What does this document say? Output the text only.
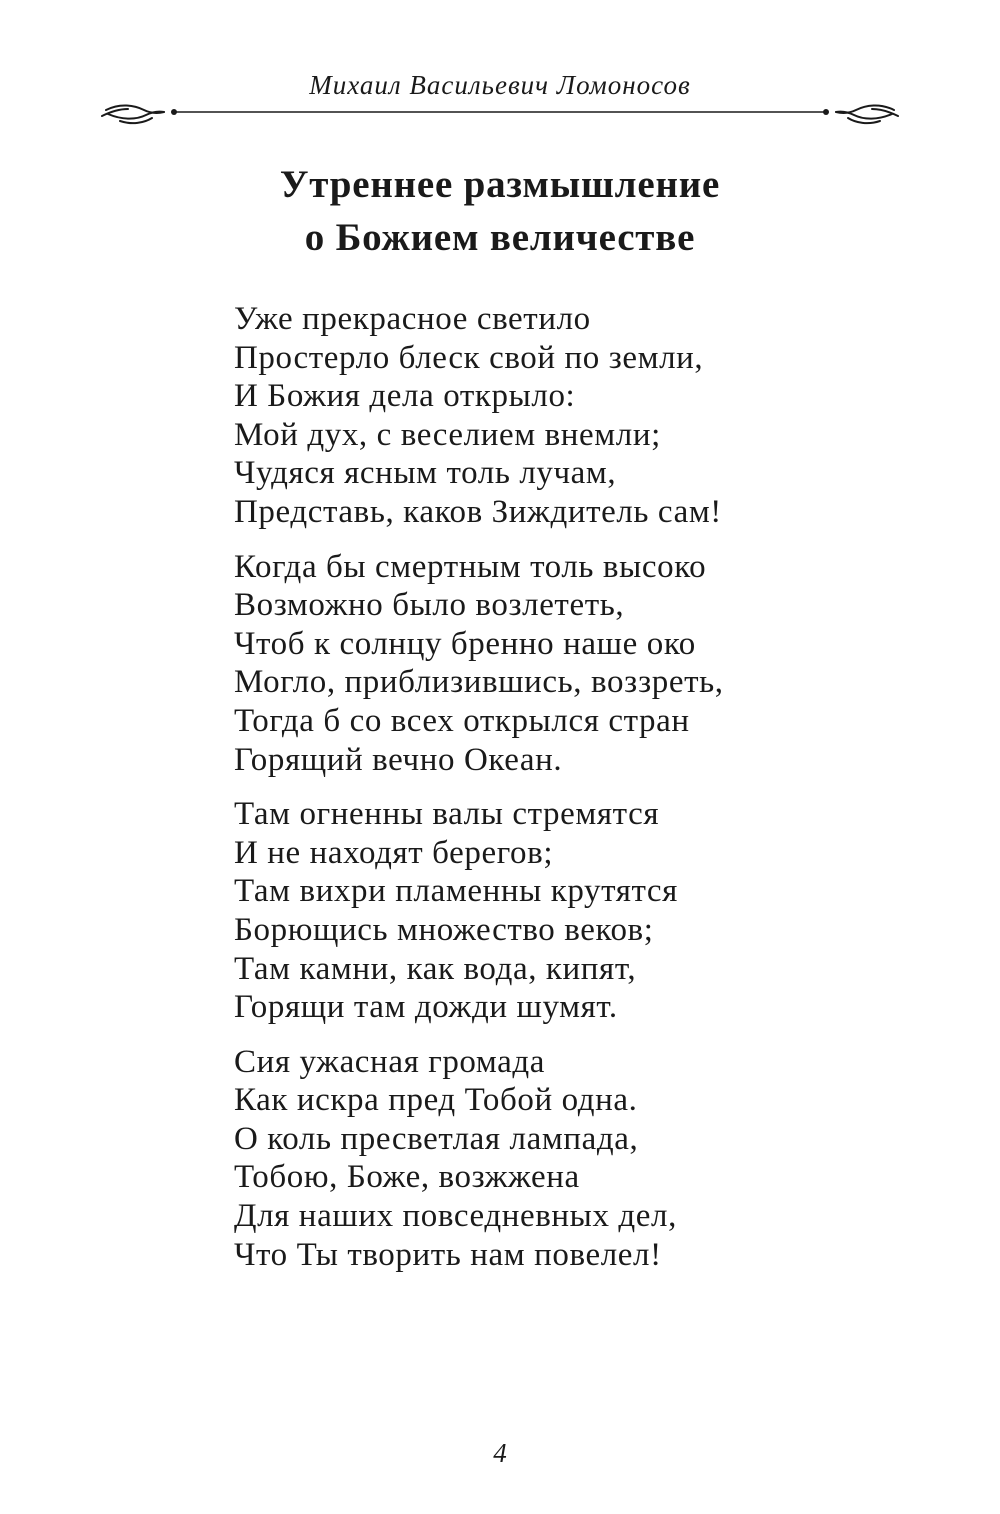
Михаил Васильевич Ломоносов
Утреннее размышление
о Божием величестве
Уже прекрасное светило
Простерло блеск свой по земли,
И Божия дела открыло:
Мой дух, с веселием внемли;
Чудяся ясным толь лучам,
Представь, каков Зиждитель сам!
Когда бы смертным толь высоко
Возможно было возлететь,
Чтоб к солнцу бренно наше око
Могло, приблизившись, воззреть,
Тогда б со всех открылся стран
Горящий вечно Океан.
Там огненны валы стремятся
И не находят берегов;
Там вихри пламенны крутятся
Борющись множество веков;
Там камни, как вода, кипят,
Горящи там дожди шумят.
Сия ужасная громада
Как искра пред Тобой одна.
О коль пресветлая лампада,
Тобою, Боже, возжжена
Для наших повседневных дел,
Что Ты творить нам повелел!
4
